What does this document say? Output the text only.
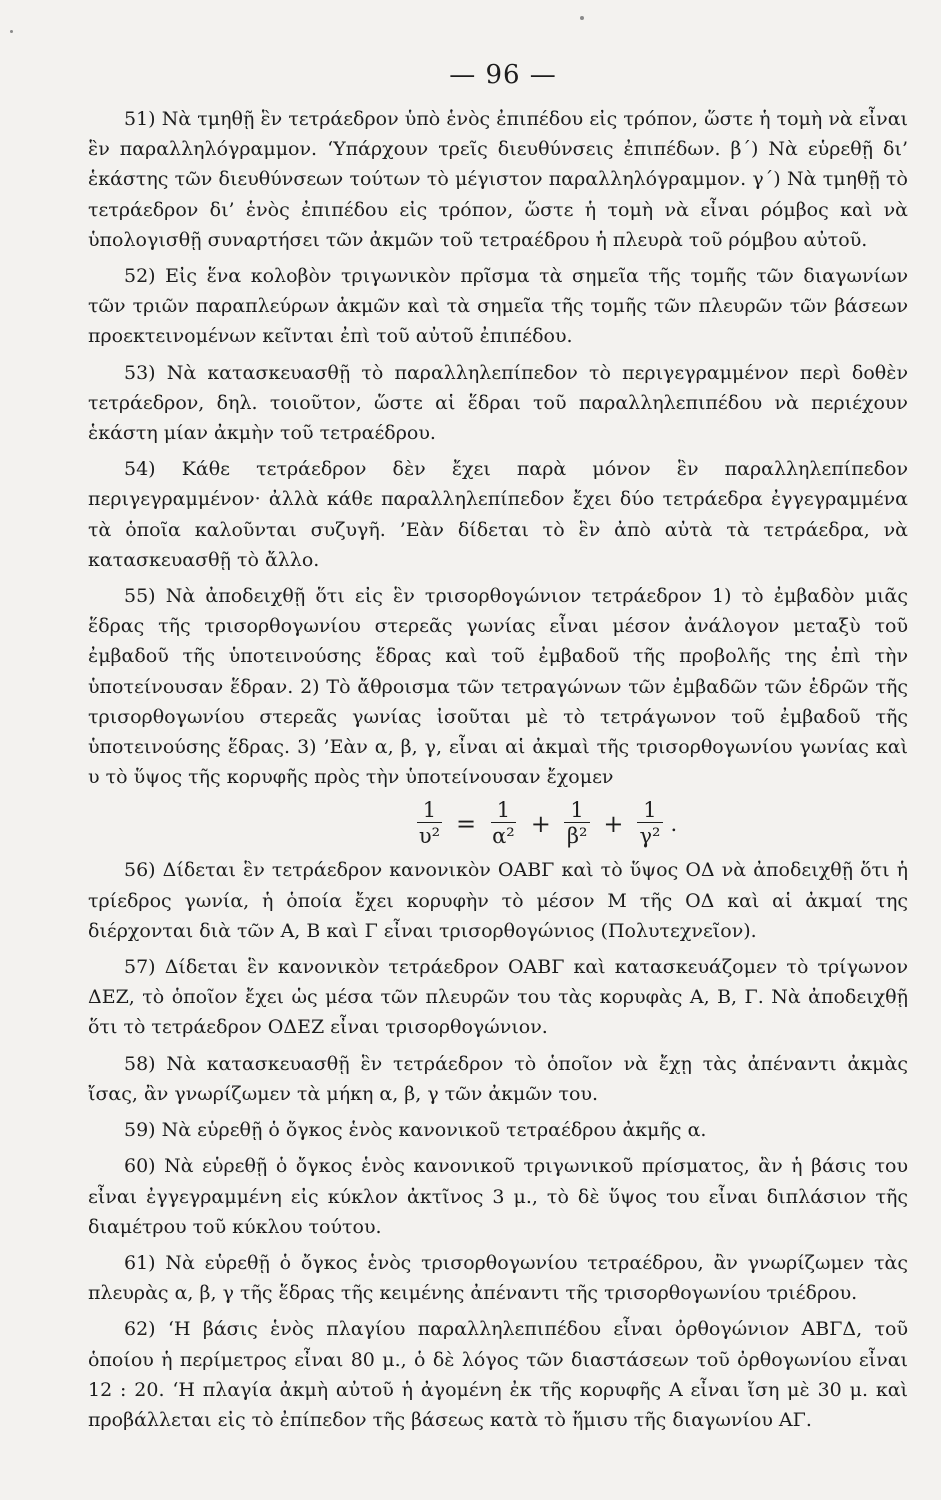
— 96 —

51) Νὰ τμηθῇ ἓν τετράεδρον ὑπὸ ἑνὸς ἐπιπέδου εἰς τρόπον, ὥστε ἡ τομὴ νὰ εἶναι ἓν παραλληλόγραμμον. ‘Υπάρχουν τρεῖς διευθύνσεις ἐπιπέδων. β΄) Νὰ εὑρεθῇ δι’ ἑκάστης τῶν διευθύνσεων τούτων τὸ μέγιστον παραλληλόγραμμον. γ΄) Νὰ τμηθῇ τὸ τετράεδρον δι’ ἑνὸς ἐπιπέδου εἰς τρόπον, ὥστε ἡ τομὴ νὰ εἶναι ρόμβος καὶ νὰ ὑπολογισθῇ συναρτήσει τῶν ἀκμῶν τοῦ τετραέδρου ἡ πλευρὰ τοῦ ρόμβου αὐτοῦ.

52) Εἰς ἕνα κολοβὸν τριγωνικὸν πρῖσμα τὰ σημεῖα τῆς τομῆς τῶν διαγωνίων τῶν τριῶν παραπλεύρων ἀκμῶν καὶ τὰ σημεῖα τῆς τομῆς τῶν πλευρῶν τῶν βάσεων προεκτεινομένων κεῖνται ἐπὶ τοῦ αὐτοῦ ἐπιπέδου.

53) Νὰ κατασκευασθῇ τὸ παραλληλεπίπεδον τὸ περιγεγραμμένον περὶ δοθὲν τετράεδρον, δηλ. τοιοῦτον, ὥστε αἱ ἕδραι τοῦ παραλληλεπιπέδου νὰ περιέχουν ἑκάστη μίαν ἀκμὴν τοῦ τετραέδρου.

54) Κάθε τετράεδρον δὲν ἔχει παρὰ μόνον ἓν παραλληλεπίπεδον περιγεγραμμένον· ἀλλὰ κάθε παραλληλεπίπεδον ἔχει δύο τετράεδρα ἐγγεγραμμένα τὰ ὁποῖα καλοῦνται συζυγῆ. ’Εὰν δίδεται τὸ ἓν ἀπὸ αὐτὰ τὰ τετράεδρα, νὰ κατασκευασθῇ τὸ ἄλλο.

55) Νὰ ἀποδειχθῇ ὅτι εἰς ἓν τρισορθογώνιον τετράεδρον 1) τὸ ἐμβαδὸν μιᾶς ἕδρας τῆς τρισορθογωνίου στερεᾶς γωνίας εἶναι μέσον ἀνάλογον μεταξὺ τοῦ ἐμβαδοῦ τῆς ὑποτεινούσης ἕδρας καὶ τοῦ ἐμβαδοῦ τῆς προβολῆς της ἐπὶ τὴν ὑποτείνουσαν ἕδραν. 2) Τὸ ἄθροισμα τῶν τετραγώνων τῶν ἐμβαδῶν τῶν ἑδρῶν τῆς τρισορθογωνίου στερεᾶς γωνίας ἰσοῦται μὲ τὸ τετράγωνον τοῦ ἐμβαδοῦ τῆς ὑποτεινούσης ἕδρας. 3) ’Εὰν α, β, γ, εἶναι αἱ ἀκμαὶ τῆς τρισορθογωνίου γωνίας καὶ υ τὸ ὕψος τῆς κορυφῆς πρὸς τὴν ὑποτείνουσαν ἔχομεν

$\frac{1}{\text{υ²}} = \frac{1}{\text{α²}} + \frac{1}{\text{β²}} + \frac{1}{\text{γ²}}$ .

56) Δίδεται ἓν τετράεδρον κανονικὸν ΟΑΒΓ καὶ τὸ ὕψος ΟΔ νὰ ἀποδειχθῇ ὅτι ἡ τρίεδρος γωνία, ἡ ὁποία ἔχει κορυφὴν τὸ μέσον Μ τῆς ΟΔ καὶ αἱ ἀκμαί της διέρχονται διὰ τῶν Α, Β καὶ Γ εἶναι τρισορθογώνιος (Πολυτεχνεῖον).

57) Δίδεται ἓν κανονικὸν τετράεδρον ΟΑΒΓ καὶ κατασκευάζομεν τὸ τρίγωνον ΔΕΖ, τὸ ὁποῖον ἔχει ὡς μέσα τῶν πλευρῶν του τὰς κορυφὰς Α, Β, Γ. Νὰ ἀποδειχθῇ ὅτι τὸ τετράεδρον ΟΔΕΖ εἶναι τρισορθογώνιον.

58) Νὰ κατασκευασθῇ ἓν τετράεδρον τὸ ὁποῖον νὰ ἔχῃ τὰς ἀπέναντι ἀκμὰς ἴσας, ἂν γνωρίζωμεν τὰ μήκη α, β, γ τῶν ἀκμῶν του.

59) Νὰ εὑρεθῇ ὁ ὄγκος ἑνὸς κανονικοῦ τετραέδρου ἀκμῆς α.

60) Νὰ εὑρεθῇ ὁ ὄγκος ἑνὸς κανονικοῦ τριγωνικοῦ πρίσματος, ἂν ἡ βάσις του εἶναι ἐγγεγραμμένη εἰς κύκλον ἀκτῖνος 3 μ., τὸ δὲ ὕψος του εἶναι διπλάσιον τῆς διαμέτρου τοῦ κύκλου τούτου.

61) Νὰ εὑρεθῇ ὁ ὄγκος ἑνὸς τρισορθογωνίου τετραέδρου, ἂν γνωρίζωμεν τὰς πλευρὰς α, β, γ τῆς ἕδρας τῆς κειμένης ἀπέναντι τῆς τρισορθογωνίου τριέδρου.

62) ‘Η βάσις ἑνὸς πλαγίου παραλληλεπιπέδου εἶναι ὀρθογώνιον ΑΒΓΔ, τοῦ ὁποίου ἡ περίμετρος εἶναι 80 μ., ὁ δὲ λόγος τῶν διαστάσεων τοῦ ὀρθογωνίου εἶναι 12 : 20. ‘Η πλαγία ἀκμὴ αὐτοῦ ἡ ἀγομένη ἐκ τῆς κορυφῆς Α εἶναι ἴση μὲ 30 μ. καὶ προβάλλεται εἰς τὸ ἐπίπεδον τῆς βάσεως κατὰ τὸ ἥμισυ τῆς διαγωνίου ΑΓ.
